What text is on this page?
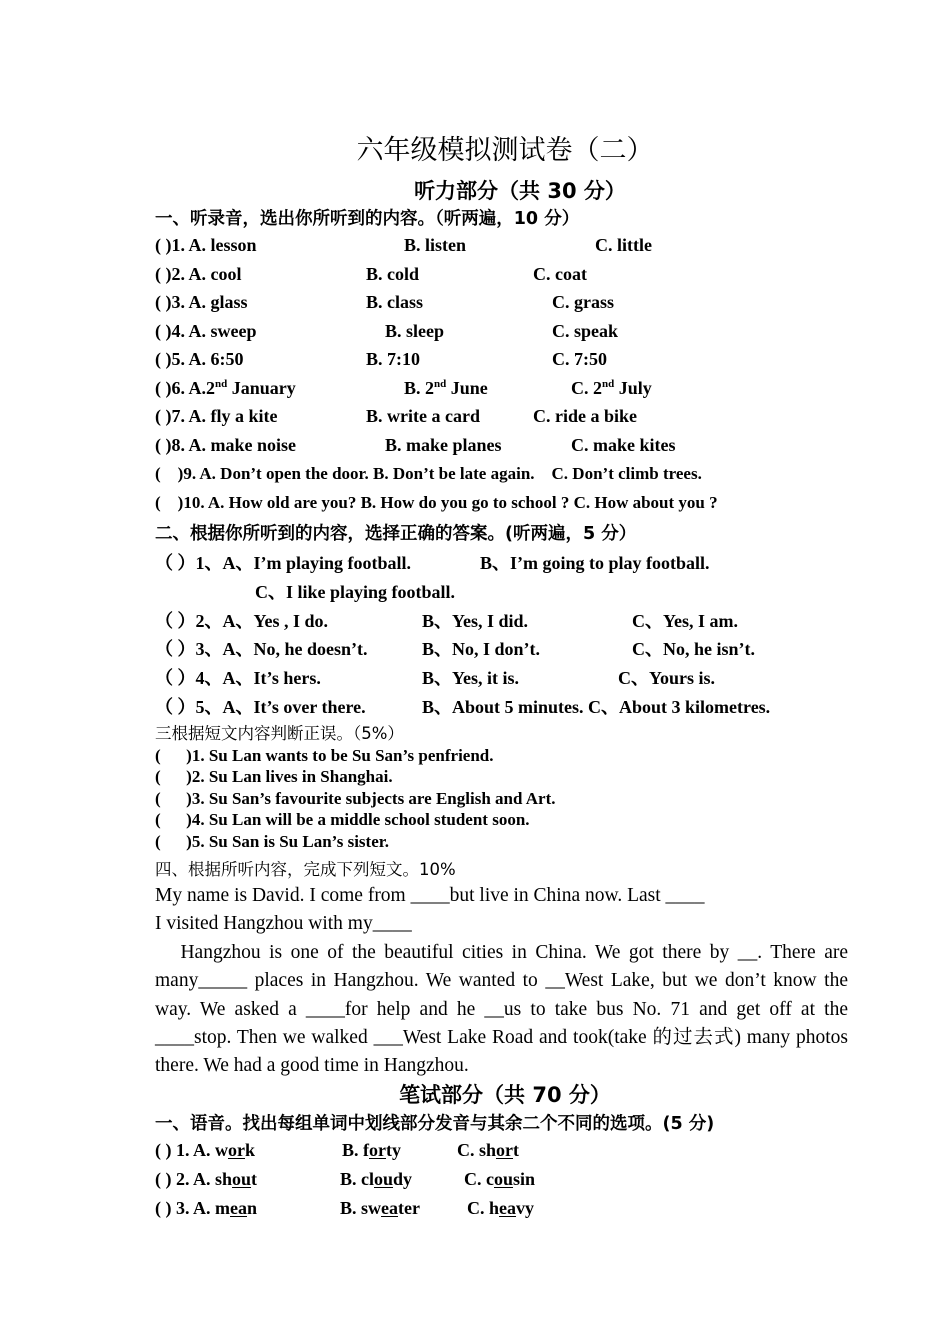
六年级模拟测试卷（二）
听力部分（共 30 分）
一、听录音，选出你所听到的内容。（听两遍，10 分）
( )1. A. lesson	B. listen	C. little
( )2. A. cool	B. cold	C. coat
( )3. A. glass	B. class	C. grass
( )4. A. sweep	B. sleep	C. speak
( )5. A. 6:50	B. 7:10	C. 7:50
( )6. A.2nd January	B. 2nd June	C. 2nd July
( )7. A. fly a kite	B. write a card	C. ride a bike
( )8. A. make noise	B. make planes	C. make kites
(    )9. A. Don’t open the door. B. Don’t be late again.    C. Don’t climb trees.
(    )10. A. How old are you? B. How do you go to school ? C. How about you ?
二、根据你所听到的内容，选择正确的答案。(听两遍，5 分）
（ ）1、A、I’m playing football.	B、I’m going to play football.
C、I like playing football.
（ ）2、A、Yes , I do.	B、Yes, I did.	C、Yes, I am.
（ ）3、A、No, he doesn’t.	B、No, I don’t.	C、No, he isn’t.
（ ）4、A、It’s hers.	B、Yes, it is.	C、Yours is.
（ ）5、A、It’s over there.	B、About 5 minutes. C、About 3 kilometres.
三根据短文内容判断正误。（5%）
(      )1. Su Lan wants to be Su San’s penfriend.
(      )2. Su Lan lives in Shanghai.
(      )3. Su San’s favourite subjects are English and Art.
(      )4. Su Lan will be a middle school student soon.
(      )5. Su San is Su Lan’s sister.
四、根据所听内容，完成下列短文。10%

My name is David. I come from ____but live in China now. Last ____

I visited Hangzhou with my____

Hangzhou is one of the beautiful cities in China. We got there by __. There are many_____ places in Hangzhou. We wanted to __West Lake, but we don’t know the way. We asked a ____for help and he __us to take bus No. 71 and get off at the ____stop. Then we walked ___West Lake Road and took(take 的过去式) many photos there. We had a good time in Hangzhou.

笔试部分（共 70 分）
一、语音。找出每组单词中划线部分发音与其余二个不同的选项。(5 分)
( ) 1. A. work	B. forty	C. short
( ) 2. A. shout	B. cloudy	C. cousin
( ) 3. A. mean	B. sweater	C. heavy
